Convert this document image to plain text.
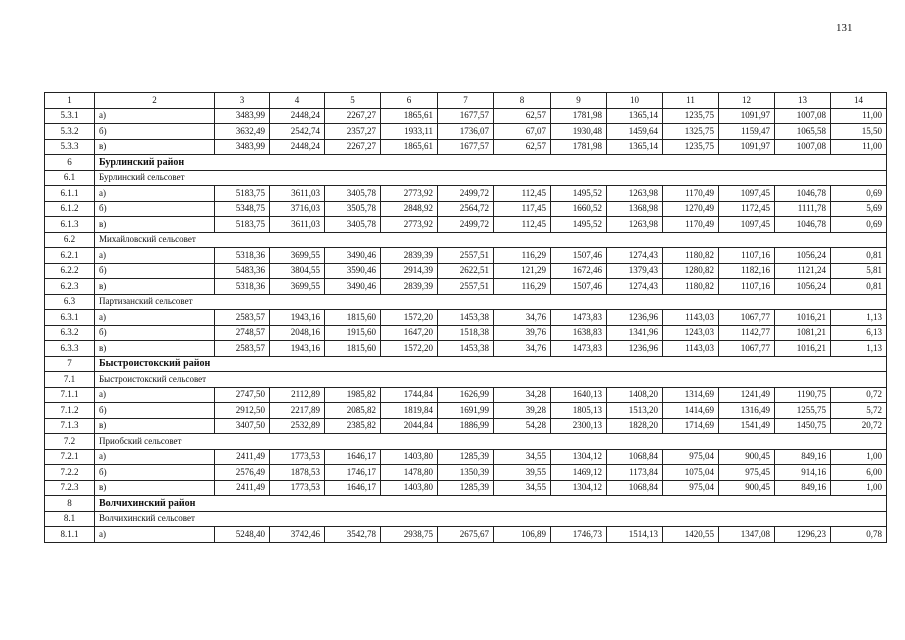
131
1	2	3	4	5	6	7	8	9	10	11	12	13	14
5.3.1	а)	3483,99	2448,24	2267,27	1865,61	1677,57	62,57	1781,98	1365,14	1235,75	1091,97	1007,08	11,00
5.3.2	б)	3632,49	2542,74	2357,27	1933,11	1736,07	67,07	1930,48	1459,64	1325,75	1159,47	1065,58	15,50
5.3.3	в)	3483,99	2448,24	2267,27	1865,61	1677,57	62,57	1781,98	1365,14	1235,75	1091,97	1007,08	11,00
6	Бурлинский район												
6.1	Бурлинский сельсовет												
6.1.1	а)	5183,75	3611,03	3405,78	2773,92	2499,72	112,45	1495,52	1263,98	1170,49	1097,45	1046,78	0,69
6.1.2	б)	5348,75	3716,03	3505,78	2848,92	2564,72	117,45	1660,52	1368,98	1270,49	1172,45	1111,78	5,69
6.1.3	в)	5183,75	3611,03	3405,78	2773,92	2499,72	112,45	1495,52	1263,98	1170,49	1097,45	1046,78	0,69
6.2	Михайловский сельсовет												
6.2.1	а)	5318,36	3699,55	3490,46	2839,39	2557,51	116,29	1507,46	1274,43	1180,82	1107,16	1056,24	0,81
6.2.2	б)	5483,36	3804,55	3590,46	2914,39	2622,51	121,29	1672,46	1379,43	1280,82	1182,16	1121,24	5,81
6.2.3	в)	5318,36	3699,55	3490,46	2839,39	2557,51	116,29	1507,46	1274,43	1180,82	1107,16	1056,24	0,81
6.3	Партизанский сельсовет												
6.3.1	а)	2583,57	1943,16	1815,60	1572,20	1453,38	34,76	1473,83	1236,96	1143,03	1067,77	1016,21	1,13
6.3.2	б)	2748,57	2048,16	1915,60	1647,20	1518,38	39,76	1638,83	1341,96	1243,03	1142,77	1081,21	6,13
6.3.3	в)	2583,57	1943,16	1815,60	1572,20	1453,38	34,76	1473,83	1236,96	1143,03	1067,77	1016,21	1,13
7	Быстроистокский район												
7.1	Быстроистокский сельсовет												
7.1.1	а)	2747,50	2112,89	1985,82	1744,84	1626,99	34,28	1640,13	1408,20	1314,69	1241,49	1190,75	0,72
7.1.2	б)	2912,50	2217,89	2085,82	1819,84	1691,99	39,28	1805,13	1513,20	1414,69	1316,49	1255,75	5,72
7.1.3	в)	3407,50	2532,89	2385,82	2044,84	1886,99	54,28	2300,13	1828,20	1714,69	1541,49	1450,75	20,72
7.2	Приобский сельсовет												
7.2.1	а)	2411,49	1773,53	1646,17	1403,80	1285,39	34,55	1304,12	1068,84	975,04	900,45	849,16	1,00
7.2.2	б)	2576,49	1878,53	1746,17	1478,80	1350,39	39,55	1469,12	1173,84	1075,04	975,45	914,16	6,00
7.2.3	в)	2411,49	1773,53	1646,17	1403,80	1285,39	34,55	1304,12	1068,84	975,04	900,45	849,16	1,00
8	Волчихинский район												
8.1	Волчихинский сельсовет												
8.1.1	а)	5248,40	3742,46	3542,78	2938,75	2675,67	106,89	1746,73	1514,13	1420,55	1347,08	1296,23	0,78
